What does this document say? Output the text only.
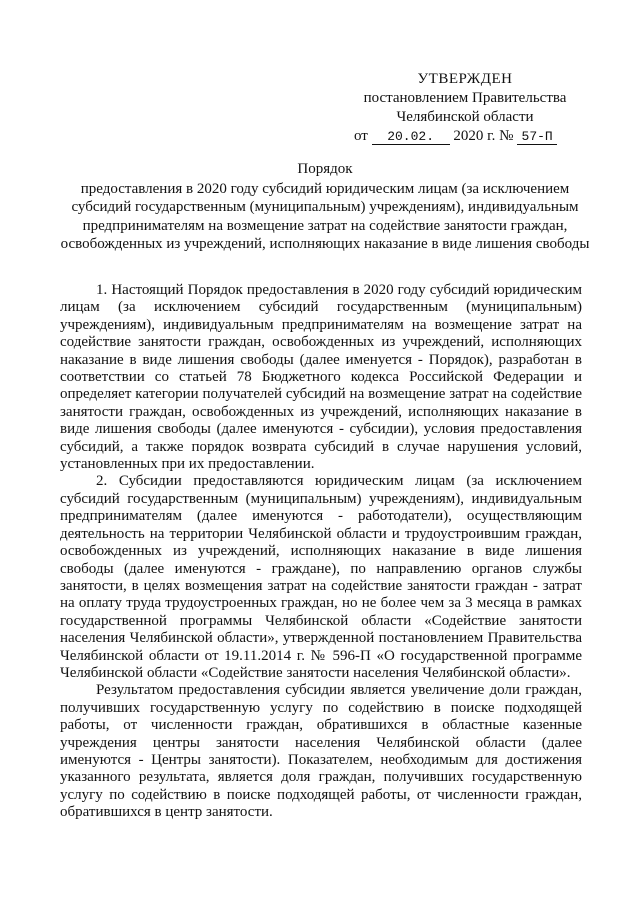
УТВЕРЖДЕН
постановлением Правительства
Челябинской области
от 20.02. 2020 г. № 57-П
Порядок
предоставления в 2020 году субсидий юридическим лицам (за исключением субсидий государственным (муниципальным) учреждениям), индивидуальным предпринимателям на возмещение затрат на содействие занятости граждан, освобожденных из учреждений, исполняющих наказание в виде лишения свободы

1. Настоящий Порядок предоставления в 2020 году субсидий юридическим лицам (за исключением субсидий государственным (муниципальным) учреждениям), индивидуальным предпринимателям на возмещение затрат на содействие занятости граждан, освобожденных из учреждений, исполняющих наказание в виде лишения свободы (далее именуется - Порядок), разработан в соответствии со статьей 78 Бюджетного кодекса Российской Федерации и определяет категории получателей субсидий на возмещение затрат на содействие занятости граждан, освобожденных из учреждений, исполняющих наказание в виде лишения свободы (далее именуются - субсидии), условия предоставления субсидий, а также порядок возврата субсидий в случае нарушения условий, установленных при их предоставлении.

2. Субсидии предоставляются юридическим лицам (за исключением субсидий государственным (муниципальным) учреждениям), индивидуальным предпринимателям (далее именуются - работодатели), осуществляющим деятельность на территории Челябинской области и трудоустроившим граждан, освобожденных из учреждений, исполняющих наказание в виде лишения свободы (далее именуются - граждане), по направлению органов службы занятости, в целях возмещения затрат на содействие занятости граждан - затрат на оплату труда трудоустроенных граждан, но не более чем за 3 месяца в рамках государственной программы Челябинской области «Содействие занятости населения Челябинской области», утвержденной постановлением Правительства Челябинской области от 19.11.2014 г. № 596-П «О государственной программе Челябинской области «Содействие занятости населения Челябинской области».

Результатом предоставления субсидии является увеличение доли граждан, получивших государственную услугу по содействию в поиске подходящей работы, от численности граждан, обратившихся в областные казенные учреждения центры занятости населения Челябинской области (далее именуются - Центры занятости). Показателем, необходимым для достижения указанного результата, является доля граждан, получивших государственную услугу по содействию в поиске подходящей работы, от численности граждан, обратившихся в центр занятости.
